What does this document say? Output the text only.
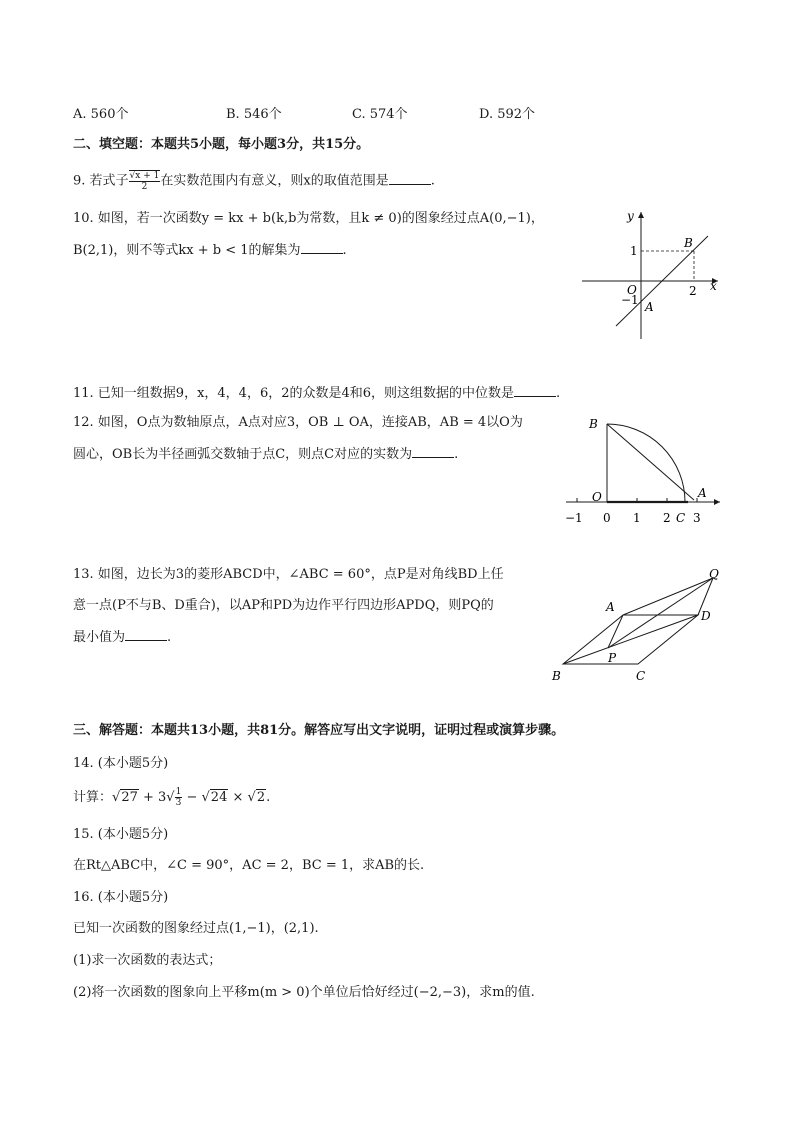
A. 560个	B. 546个	C. 574个	D. 592个
二、填空题：本题共5小题，每小题3分，共15分。
9. 若式子 $\frac{√x + 1}{2}$ 在实数范围内有意义，则x的取值范围是	.
10. 如图，若一次函数y = kx + b(k,b为常数，且k ≠ 0)的图象经过点A(0,−1)，
B(2,1)，则不等式kx + b < 1的解集为	.
y
x
O
1
−1
2
A
B
11. 已知一组数据9，x，4，4，6，2的众数是4和6，则这组数据的中位数是	.
12. 如图，O点为数轴原点，A点对应3，OB ⊥ OA，连接AB，AB = 4以O为
圆心，OB长为半径画弧交数轴于点C，则点C对应的实数为	.
B
O	A
C
−1 0 1 2 3
13. 如图，边长为3的菱形ABCD中，∠ABC = 60°，点P是对角线BD上任
意一点(P不与B、D重合)，以AP和PD为边作平行四边形APDQ，则PQ的
最小值为	.
A
B	C
D
P
Q
三、解答题：本题共13小题，共81分。解答应写出文字说明，证明过程或演算步骤。
14. (本小题5分)
计算：$√27 + 3√ \frac{1}{3} - √24 \times √2$.
15. (本小题5分)
在Rt△ABC中，∠C = 90°，AC = 2，BC = 1，求AB的长.
16. (本小题5分)
已知一次函数的图象经过点(1,−1)，(2,1).
(1)求一次函数的表达式；
(2)将一次函数的图象向上平移m(m > 0)个单位后恰好经过(−2,−3)，求m的值.
